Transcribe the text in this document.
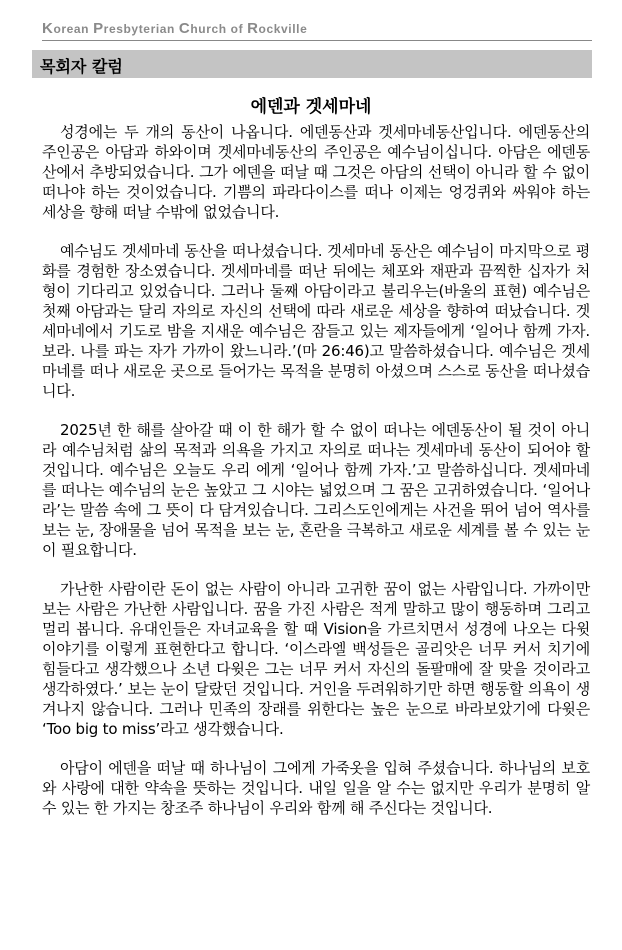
Korean Presbyterian Church of Rockville
목회자 칼럼
에덴과 겟세마네

성경에는 두 개의 동산이 나옵니다. 에덴동산과 겟세마네동산입니다. 에덴동산의 주인공은 아담과 하와이며 겟세마네동산의 주인공은 예수님이십니다. 아담은 에덴동산에서 추방되었습니다. 그가 에덴을 떠날 때 그것은 아담의 선택이 아니라 할 수 없이 떠나야 하는 것이었습니다. 기쁨의 파라다이스를 떠나 이제는 엉겅퀴와 싸워야 하는 세상을 향해 떠날 수밖에 없었습니다.

예수님도 겟세마네 동산을 떠나셨습니다. 겟세마네 동산은 예수님이 마지막으로 평화를 경험한 장소였습니다. 겟세마네를 떠난 뒤에는 체포와 재판과 끔찍한 십자가 처형이 기다리고 있었습니다. 그러나 둘째 아담이라고 불리우는(바울의 표현) 예수님은 첫째 아담과는 달리 자의로 자신의 선택에 따라 새로운 세상을 향하여 떠났습니다. 겟세마네에서 기도로 밤을 지새운 예수님은 잠들고 있는 제자들에게 ‘일어나 함께 가자. 보라. 나를 파는 자가 가까이 왔느니라.’(마 26:46)고 말씀하셨습니다. 예수님은 겟세마네를 떠나 새로운 곳으로 들어가는 목적을 분명히 아셨으며 스스로 동산을 떠나셨습니다.

2025년 한 해를 살아갈 때 이 한 해가 할 수 없이 떠나는 에덴동산이 될 것이 아니라 예수님처럼 삶의 목적과 의욕을 가지고 자의로 떠나는 겟세마네 동산이 되어야 할 것입니다. 예수님은 오늘도 우리 에게 ‘일어나 함께 가자.’고 말씀하십니다. 겟세마네를 떠나는 예수님의 눈은 높았고 그 시야는 넓었으며 그 꿈은 고귀하였습니다. ‘일어나라’는 말씀 속에 그 뜻이 다 담겨있습니다. 그리스도인에게는 사건을 뛰어 넘어 역사를 보는 눈, 장애물을 넘어 목적을 보는 눈, 혼란을 극복하고 새로운 세계를 볼 수 있는 눈이 필요합니다.

가난한 사람이란 돈이 없는 사람이 아니라 고귀한 꿈이 없는 사람입니다. 가까이만 보는 사람은 가난한 사람입니다. 꿈을 가진 사람은 적게 말하고 많이 행동하며 그리고 멀리 봅니다. 유대인들은 자녀교육을 할 때 Vision을 가르치면서 성경에 나오는 다윗 이야기를 이렇게 표현한다고 합니다. ‘이스라엘 백성들은 골리앗은 너무 커서 치기에 힘들다고 생각했으나 소년 다윗은 그는 너무 커서 자신의 돌팔매에 잘 맞을 것이라고 생각하였다.’ 보는 눈이 달랐던 것입니다. 거인을 두려워하기만 하면 행동할 의욕이 생겨나지 않습니다. 그러나 민족의 장래를 위한다는 높은 눈으로 바라보았기에 다윗은 ‘Too big to miss’라고 생각했습니다.

아담이 에덴을 떠날 때 하나님이 그에게 가죽옷을 입혀 주셨습니다. 하나님의 보호와 사랑에 대한 약속을 뜻하는 것입니다. 내일 일을 알 수는 없지만 우리가 분명히 알 수 있는 한 가지는 창조주 하나님이 우리와 함께 해 주신다는 것입니다.
